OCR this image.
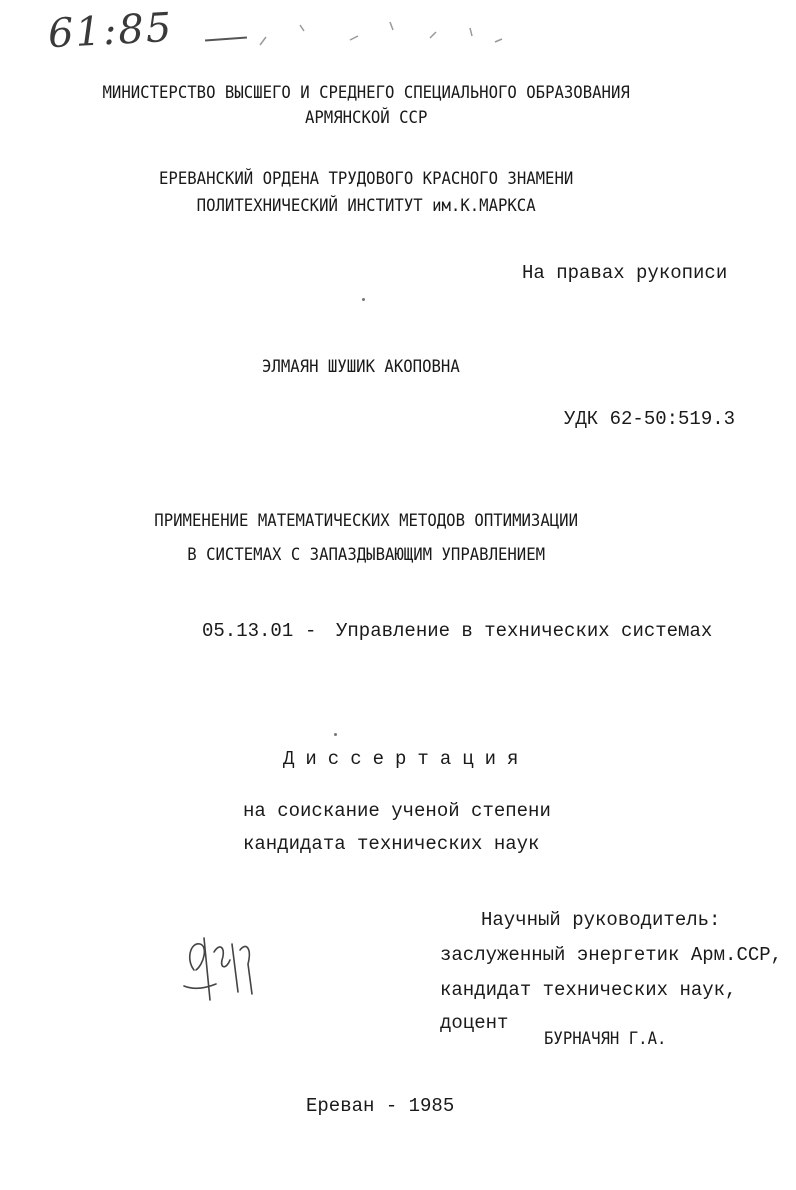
61:85
МИНИСТЕРСТВО ВЫСШЕГО И СРЕДНЕГО СПЕЦИАЛЬНОГО ОБРАЗОВАНИЯ
АРМЯНСКОЙ ССР
ЕРЕВАНСКИЙ ОРДЕНА ТРУДОВОГО КРАСНОГО ЗНАМЕНИ
ПОЛИТЕХНИЧЕСКИЙ ИНСТИТУТ им.К.МАРКСА
На правах рукописи
ЭЛМАЯН ШУШИК АКОПОВНА
УДК 62-50:519.3
ПРИМЕНЕНИЕ МАТЕМАТИЧЕСКИХ МЕТОДОВ ОПТИМИЗАЦИИ
В СИСТЕМАХ С ЗАПАЗДЫВАЮЩИМ УПРАВЛЕНИЕМ
05.13.01 - Управление в технических системах
Диссертация
на соискание ученой степени
кандидата технических наук
Научный руководитель:
заслуженный энергетик Арм.ССР,
кандидат технических наук,
доцент
БУРНАЧЯН Г.А.
Ереван - 1985
